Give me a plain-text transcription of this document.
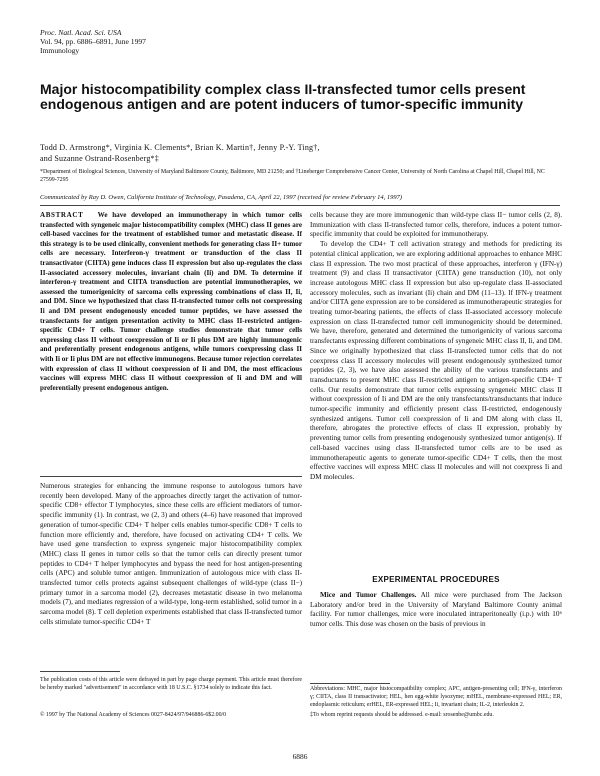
Proc. Natl. Acad. Sci. USA
Vol. 94, pp. 6886–6891, June 1997
Immunology
Major histocompatibility complex class II-transfected tumor cells present endogenous antigen and are potent inducers of tumor-specific immunity
Todd D. Armstrong*, Virginia K. Clements*, Brian K. Martin†, Jenny P.-Y. Ting†,
and Suzanne Ostrand-Rosenberg*‡
*Department of Biological Sciences, University of Maryland Baltimore County, Baltimore, MD 21250; and †Lineberger Comprehensive Cancer Center, University of North Carolina at Chapel Hill, Chapel Hill, NC 27599-7295
Communicated by Ray D. Owen, California Institute of Technology, Pasadena, CA, April 22, 1997 (received for review February 14, 1997)

ABSTRACT We have developed an immunotherapy in which tumor cells transfected with syngeneic major histocompatibility complex (MHC) class II genes are cell-based vaccines for the treatment of established tumor and metastatic disease. If this strategy is to be used clinically, convenient methods for generating class II+ tumor cells are necessary. Interferon-γ treatment or transduction of the class II transactivator (CIITA) gene induces class II expression but also up-regulates the class II-associated accessory molecules, invariant chain (Ii) and DM. To determine if interferon-γ treatment and CIITA transduction are potential immunotherapies, we assessed the tumorigenicity of sarcoma cells expressing combinations of class II, Ii, and DM. Since we hypothesized that class II-transfected tumor cells not coexpressing Ii and DM present endogenously encoded tumor peptides, we have assessed the transfectants for antigen presentation activity to MHC class II-restricted antigen-specific CD4+ T cells. Tumor challenge studies demonstrate that tumor cells expressing class II without coexpression of Ii or Ii plus DM are highly immunogenic and preferentially present endogenous antigens, while tumors coexpressing class II with Ii or Ii plus DM are not effective immunogens. Because tumor rejection correlates with expression of class II without coexpression of Ii and DM, the most efficacious vaccines will express MHC class II without coexpression of Ii and DM and will preferentially present endogenous antigen.

Numerous strategies for enhancing the immune response to autologous tumors have recently been developed. Many of the approaches directly target the activation of tumor-specific CD8+ effector T lymphocytes, since these cells are efficient mediators of tumor-specific immunity (1). In contrast, we (2, 3) and others (4–6) have reasoned that improved generation of tumor-specific CD4+ T helper cells enables tumor-specific CD8+ T cells to function more efficiently and, therefore, have focused on activating CD4+ T cells. We have used gene transfection to express syngeneic major histocompatibility complex (MHC) class II genes in tumor cells so that the tumor cells can directly present tumor peptides to CD4+ T helper lymphocytes and bypass the need for host antigen-presenting cells (APC) and soluble tumor antigen. Immunization of autologous mice with class II-transfected tumor cells protects against subsequent challenges of wild-type (class II−) primary tumor in a sarcoma model (2), decreases metastatic disease in two melanoma models (7), and mediates regression of a wild-type, long-term established, solid tumor in a sarcoma model (8). T cell depletion experiments established that class II-transfected tumor cells stimulate tumor-specific CD4+ T

cells because they are more immunogenic than wild-type class II− tumor cells (2, 8). Immunization with class II-transfected tumor cells, therefore, induces a potent tumor-specific immunity that could be exploited for immunotherapy.

To develop the CD4+ T cell activation strategy and methods for predicting its potential clinical application, we are exploring additional approaches to enhance MHC class II expression. The two most practical of these approaches, interferon γ (IFN-γ) treatment (9) and class II transactivator (CIITA) gene transduction (10), not only increase autologous MHC class II expression but also up-regulate class II-associated accessory molecules, such as invariant (Ii) chain and DM (11–13). If IFN-γ treatment and/or CIITA gene expression are to be considered as immunotherapeutic strategies for treating tumor-bearing patients, the effects of class II-associated accessory molecule expression on class II-transfected tumor cell immunogenicity should be determined. We have, therefore, generated and determined the tumorigenicity of various sarcoma transfectants expressing different combinations of syngeneic MHC class II, Ii, and DM. Since we originally hypothesized that class II-transfected tumor cells that do not coexpress class II accessory molecules will present endogenously synthesized tumor peptides (2, 3), we have also assessed the ability of the various transfectants and transductants to present MHC class II-restricted antigen to antigen-specific CD4+ T cells. Our results demonstrate that tumor cells expressing syngeneic MHC class II without coexpression of Ii and DM are the only transfectants/transductants that induce tumor-specific immunity and efficiently present class II-restricted, endogenously synthesized antigens. Tumor cell coexpression of Ii and DM along with class II, therefore, abrogates the protective effects of class II expression, probably by preventing tumor cells from presenting endogenously synthesized tumor antigen(s). If cell-based vaccines using class II-transfected tumor cells are to be used as immunotherapeutic agents to generate tumor-specific CD4+ T cells, then the most effective vaccines will express MHC class II molecules and will not coexpress Ii and DM molecules.

EXPERIMENTAL PROCEDURES

Mice and Tumor Challenges. All mice were purchased from The Jackson Laboratory and/or bred in the University of Maryland Baltimore County animal facility. For tumor challenges, mice were inoculated intraperitoneally (i.p.) with 10⁶ tumor cells. This dose was chosen on the basis of previous in

The publication costs of this article were defrayed in part by page charge payment. This article must therefore be hereby marked "advertisement" in accordance with 18 U.S.C. §1734 solely to indicate this fact.
© 1997 by The National Academy of Sciences 0027-8424/97/946886-6$2.00/0
Abbreviations: MHC, major histocompatibility complex; APC, antigen-presenting cell; IFN-γ, interferon γ; CIITA, class II transactivator; HEL, hen egg-white lysozyme; mHEL, membrane-expressed HEL; ER, endoplasmic reticulum; erHEL, ER-expressed HEL; Ii, invariant chain; IL-2, interleukin 2.
‡To whom reprint requests should be addressed. e-mail: srosenbe@umbc.edu.
6886
